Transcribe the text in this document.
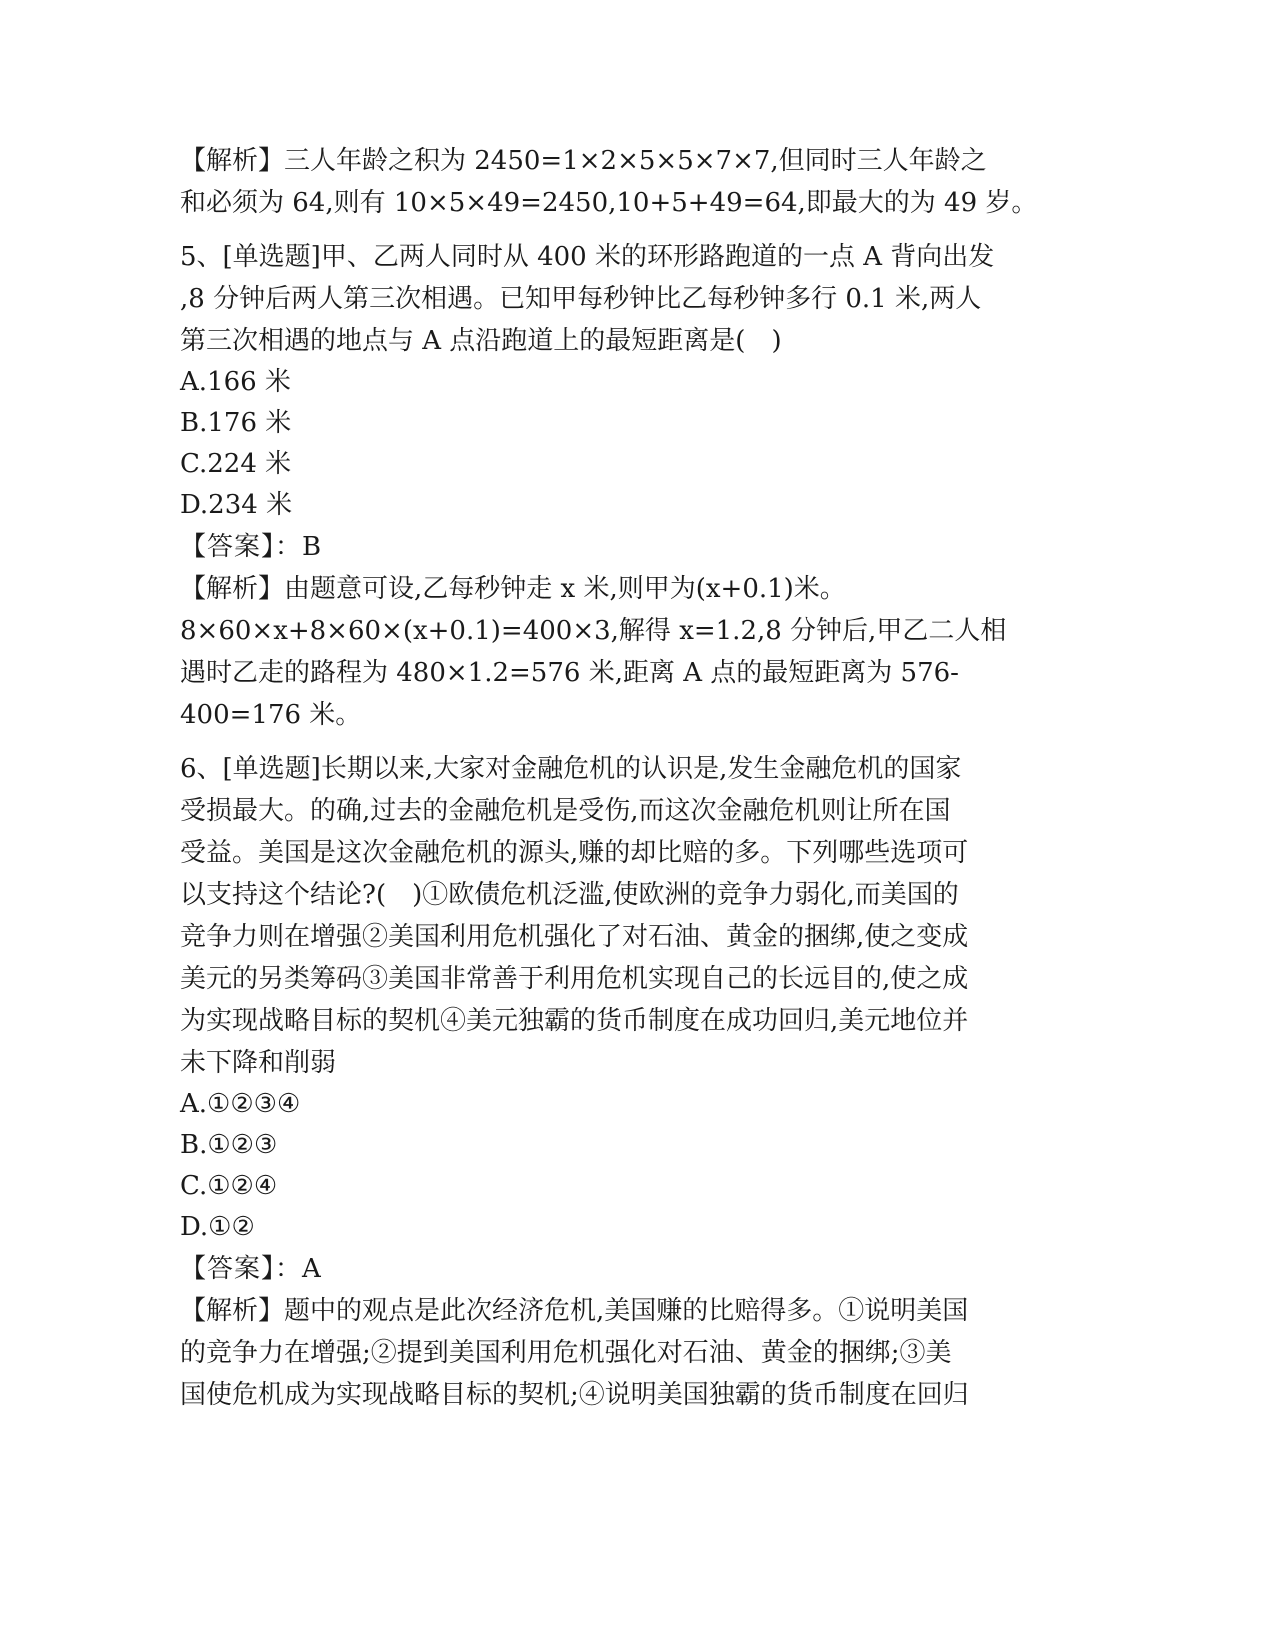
【解析】三人年龄之积为 2450=1×2×5×5×7×7,但同时三人年龄之
和必须为 64,则有 10×5×49=2450,10+5+49=64,即最大的为 49 岁。
5、[单选题]甲、乙两人同时从 400 米的环形路跑道的一点 A 背向出发
,8 分钟后两人第三次相遇。已知甲每秒钟比乙每秒钟多行 0.1 米,两人
第三次相遇的地点与 A 点沿跑道上的最短距离是(　)
A.166 米
B.176 米
C.224 米
D.234 米
【答案】：B
【解析】由题意可设,乙每秒钟走 x 米,则甲为(x+0.1)米。
8×60×x+8×60×(x+0.1)=400×3,解得 x=1.2,8 分钟后,甲乙二人相
遇时乙走的路程为 480×1.2=576 米,距离 A 点的最短距离为 576-
400=176 米。
6、[单选题]长期以来,大家对金融危机的认识是,发生金融危机的国家
受损最大。的确,过去的金融危机是受伤,而这次金融危机则让所在国
受益。美国是这次金融危机的源头,赚的却比赔的多。下列哪些选项可
以支持这个结论?(　)①欧债危机泛滥,使欧洲的竞争力弱化,而美国的
竞争力则在增强②美国利用危机强化了对石油、黄金的捆绑,使之变成
美元的另类筹码③美国非常善于利用危机实现自己的长远目的,使之成
为实现战略目标的契机④美元独霸的货币制度在成功回归,美元地位并
未下降和削弱
A.①②③④
B.①②③
C.①②④
D.①②
【答案】：A
【解析】题中的观点是此次经济危机,美国赚的比赔得多。①说明美国
的竞争力在增强;②提到美国利用危机强化对石油、黄金的捆绑;③美
国使危机成为实现战略目标的契机;④说明美国独霸的货币制度在回归
